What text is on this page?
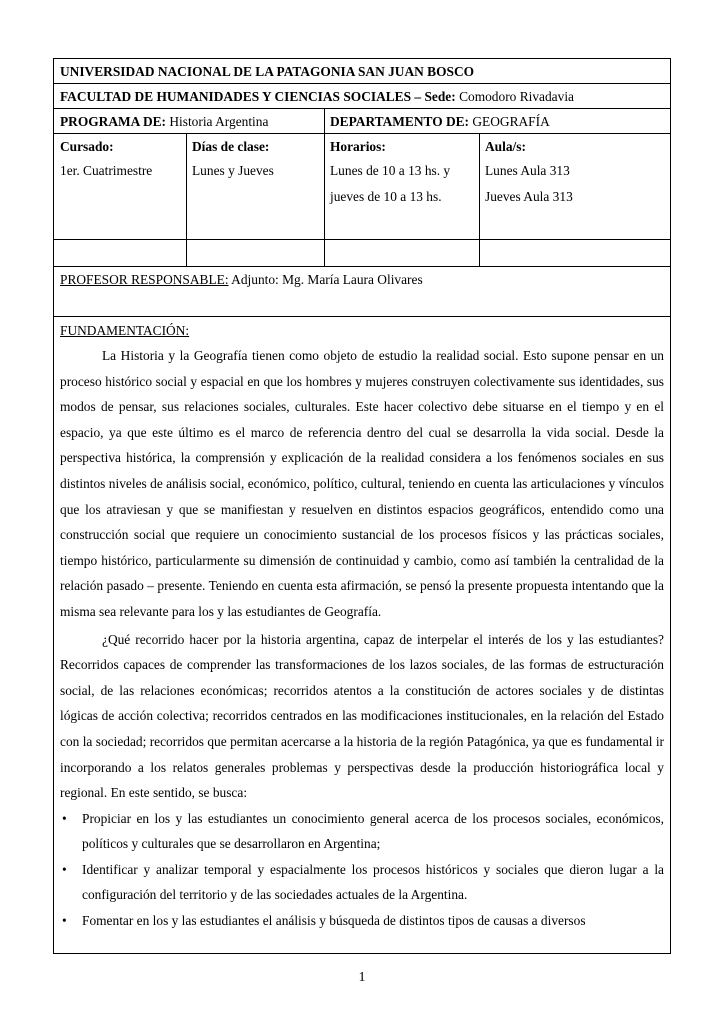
UNIVERSIDAD NACIONAL DE LA PATAGONIA SAN JUAN BOSCO
FACULTAD DE HUMANIDADES Y CIENCIAS SOCIALES – Sede: Comodoro Rivadavia
PROGRAMA DE: Historia Argentina	DEPARTAMENTO DE: GEOGRAFÍA
Cursado:
1er. Cuatrimestre
Días de clase:
Lunes y Jueves
Horarios:
Lunes de 10 a 13 hs. y
jueves de 10 a 13 hs.
Aula/s:
Lunes Aula 313
Jueves Aula 313
PROFESOR RESPONSABLE: Adjunto: Mg. María Laura Olivares
FUNDAMENTACIÓN:

La Historia y la Geografía tienen como objeto de estudio la realidad social. Esto supone pensar en un proceso histórico social y espacial en que los hombres y mujeres construyen colectivamente sus identidades, sus modos de pensar, sus relaciones sociales, culturales. Este hacer colectivo debe situarse en el tiempo y en el espacio, ya que este último es el marco de referencia dentro del cual se desarrolla la vida social. Desde la perspectiva histórica, la comprensión y explicación de la realidad considera a los fenómenos sociales en sus distintos niveles de análisis social, económico, político, cultural, teniendo en cuenta las articulaciones y vínculos que los atraviesan y que se manifiestan y resuelven en distintos espacios geográficos, entendido como una construcción social que requiere un conocimiento sustancial de los procesos físicos y las prácticas sociales, tiempo histórico, particularmente su dimensión de continuidad y cambio, como así también la centralidad de la relación pasado – presente. Teniendo en cuenta esta afirmación, se pensó la presente propuesta intentando que la misma sea relevante para los y las estudiantes de Geografía.

¿Qué recorrido hacer por la historia argentina, capaz de interpelar el interés de los y las estudiantes? Recorridos capaces de comprender las transformaciones de los lazos sociales, de las formas de estructuración social, de las relaciones económicas; recorridos atentos a la constitución de actores sociales y de distintas lógicas de acción colectiva; recorridos centrados en las modificaciones institucionales, en la relación del Estado con la sociedad; recorridos que permitan acercarse a la historia de la región Patagónica, ya que es fundamental ir incorporando a los relatos generales problemas y perspectivas desde la producción historiográfica local y regional. En este sentido, se busca:

• Propiciar en los y las estudiantes un conocimiento general acerca de los procesos sociales, económicos, políticos y culturales que se desarrollaron en Argentina;
• Identificar y analizar temporal y espacialmente los procesos históricos y sociales que dieron lugar a la configuración del territorio y de las sociedades actuales de la Argentina.
• Fomentar en los y las estudiantes el análisis y búsqueda de distintos tipos de causas a diversos
1
